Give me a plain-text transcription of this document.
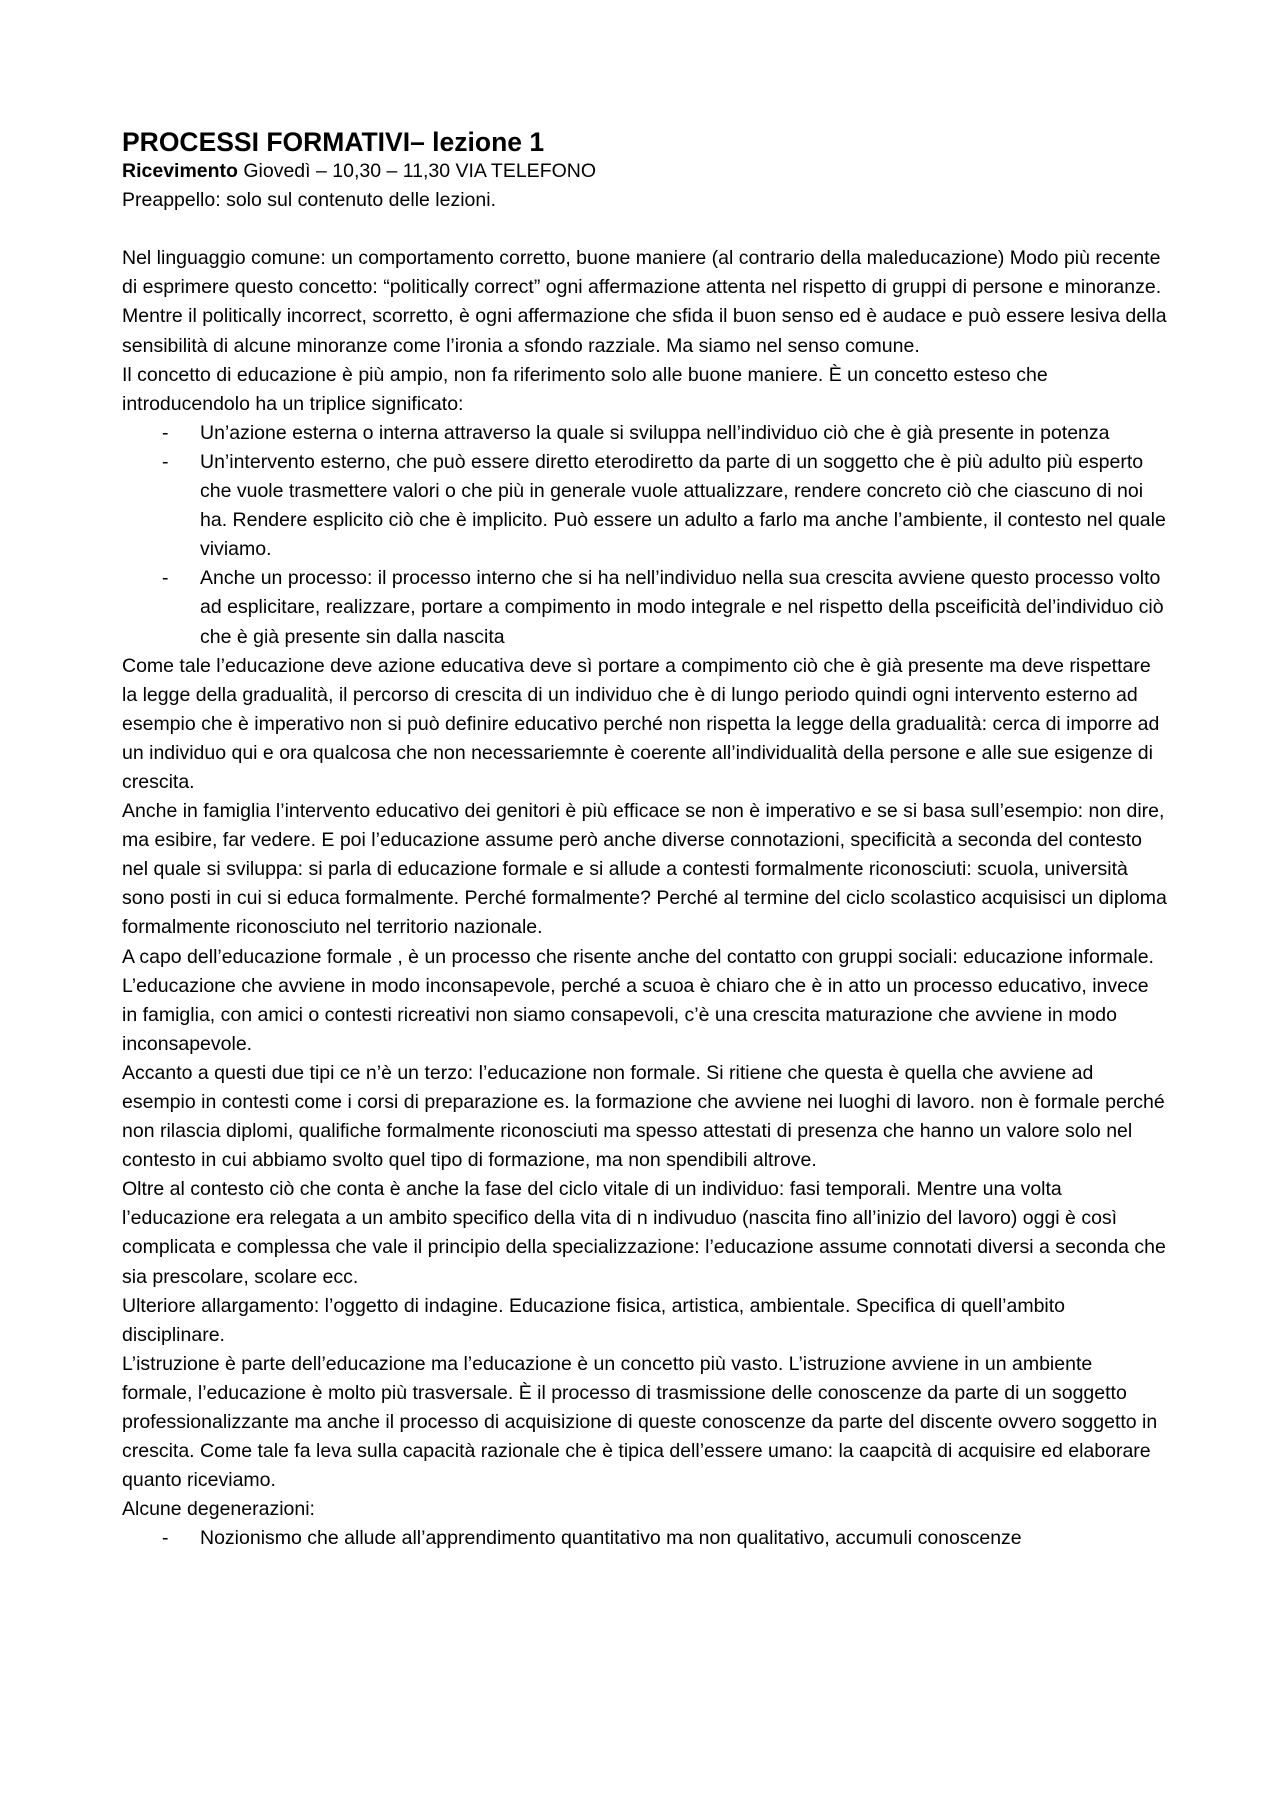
PROCESSI FORMATIVI– lezione 1

Ricevimento Giovedì – 10,30 – 11,30 VIA TELEFONO

Preappello: solo sul contenuto delle lezioni.

Nel linguaggio comune: un comportamento corretto, buone maniere (al contrario della maleducazione) Modo più recente di esprimere questo concetto: “politically correct” ogni affermazione attenta nel rispetto di gruppi di persone e minoranze. Mentre il politically incorrect, scorretto, è ogni affermazione che sfida il buon senso ed è audace e può essere lesiva della sensibilità di alcune minoranze come l’ironia a sfondo razziale. Ma siamo nel senso comune.

Il concetto di educazione è più ampio, non fa riferimento solo alle buone maniere. È un concetto esteso che introducendolo ha un triplice significato:

- Un’azione esterna o interna attraverso la quale si sviluppa nell’individuo ciò che è già presente in potenza
- Un’intervento esterno, che può essere diretto eterodiretto da parte di un soggetto che è più adulto più esperto che vuole trasmettere valori o che più in generale vuole attualizzare, rendere concreto ciò che ciascuno di noi ha. Rendere esplicito ciò che è implicito. Può essere un adulto a farlo ma anche l’ambiente, il contesto nel quale viviamo.
- Anche un processo: il processo interno che si ha nell’individuo nella sua crescita avviene questo processo volto ad esplicitare, realizzare, portare a compimento in modo integrale e nel rispetto della psceificità del’individuo ciò che è già presente sin dalla nascita

Come tale l’educazione deve azione educativa deve sì portare a compimento ciò che è già presente ma deve rispettare la legge della gradualità, il percorso di crescita di un individuo che è di lungo periodo quindi ogni intervento esterno ad esempio che è imperativo non si può definire educativo perché non rispetta la legge della gradualità: cerca di imporre ad un individuo qui e ora qualcosa che non necessariemnte è coerente all’individualità della persone e alle sue esigenze di crescita.

Anche in famiglia l’intervento educativo dei genitori è più efficace se non è imperativo e se si basa sull’esempio: non dire, ma esibire, far vedere. E poi l’educazione assume però anche diverse connotazioni, specificità a seconda del contesto nel quale si sviluppa: si parla di educazione formale e si allude a contesti formalmente riconosciuti: scuola, università sono posti in cui si educa formalmente. Perché formalmente? Perché al termine del ciclo scolastico acquisisci un diploma formalmente riconosciuto nel territorio nazionale.

A capo dell’educazione formale , è un processo che risente anche del contatto con gruppi sociali: educazione informale. L’educazione che avviene in modo inconsapevole, perché a scuoa è chiaro che è in atto un processo educativo, invece in famiglia, con amici o contesti ricreativi non siamo consapevoli, c’è una crescita maturazione che avviene in modo inconsapevole.

Accanto a questi due tipi ce n’è un terzo: l’educazione non formale. Si ritiene che questa è quella che avviene ad esempio in contesti come i corsi di preparazione es. la formazione che avviene nei luoghi di lavoro. non è formale perché non rilascia diplomi, qualifiche formalmente riconosciuti ma spesso attestati di presenza che hanno un valore solo nel contesto in cui abbiamo svolto quel tipo di formazione, ma non spendibili altrove.

Oltre al contesto ciò che conta è anche la fase del ciclo vitale di un individuo: fasi temporali. Mentre una volta l’educazione era relegata a un ambito specifico della vita di n indivuduo (nascita fino all’inizio del lavoro) oggi è così complicata e complessa che vale il principio della specializzazione: l’educazione assume connotati diversi a seconda che sia prescolare, scolare ecc.

Ulteriore allargamento: l’oggetto di indagine. Educazione fisica, artistica, ambientale. Specifica di quell’ambito disciplinare.

L’istruzione è parte dell’educazione ma l’educazione è un concetto più vasto. L’istruzione avviene in un ambiente formale, l’educazione è molto più trasversale. È il processo di trasmissione delle conoscenze da parte di un soggetto professionalizzante ma anche il processo di acquisizione di queste conoscenze da parte del discente ovvero soggetto in crescita. Come tale fa leva sulla capacità razionale che è tipica dell’essere umano: la caapcità di acquisire ed elaborare quanto riceviamo.

Alcune degenerazioni:

- Nozionismo che allude all’apprendimento quantitativo ma non qualitativo, accumuli conoscenze
